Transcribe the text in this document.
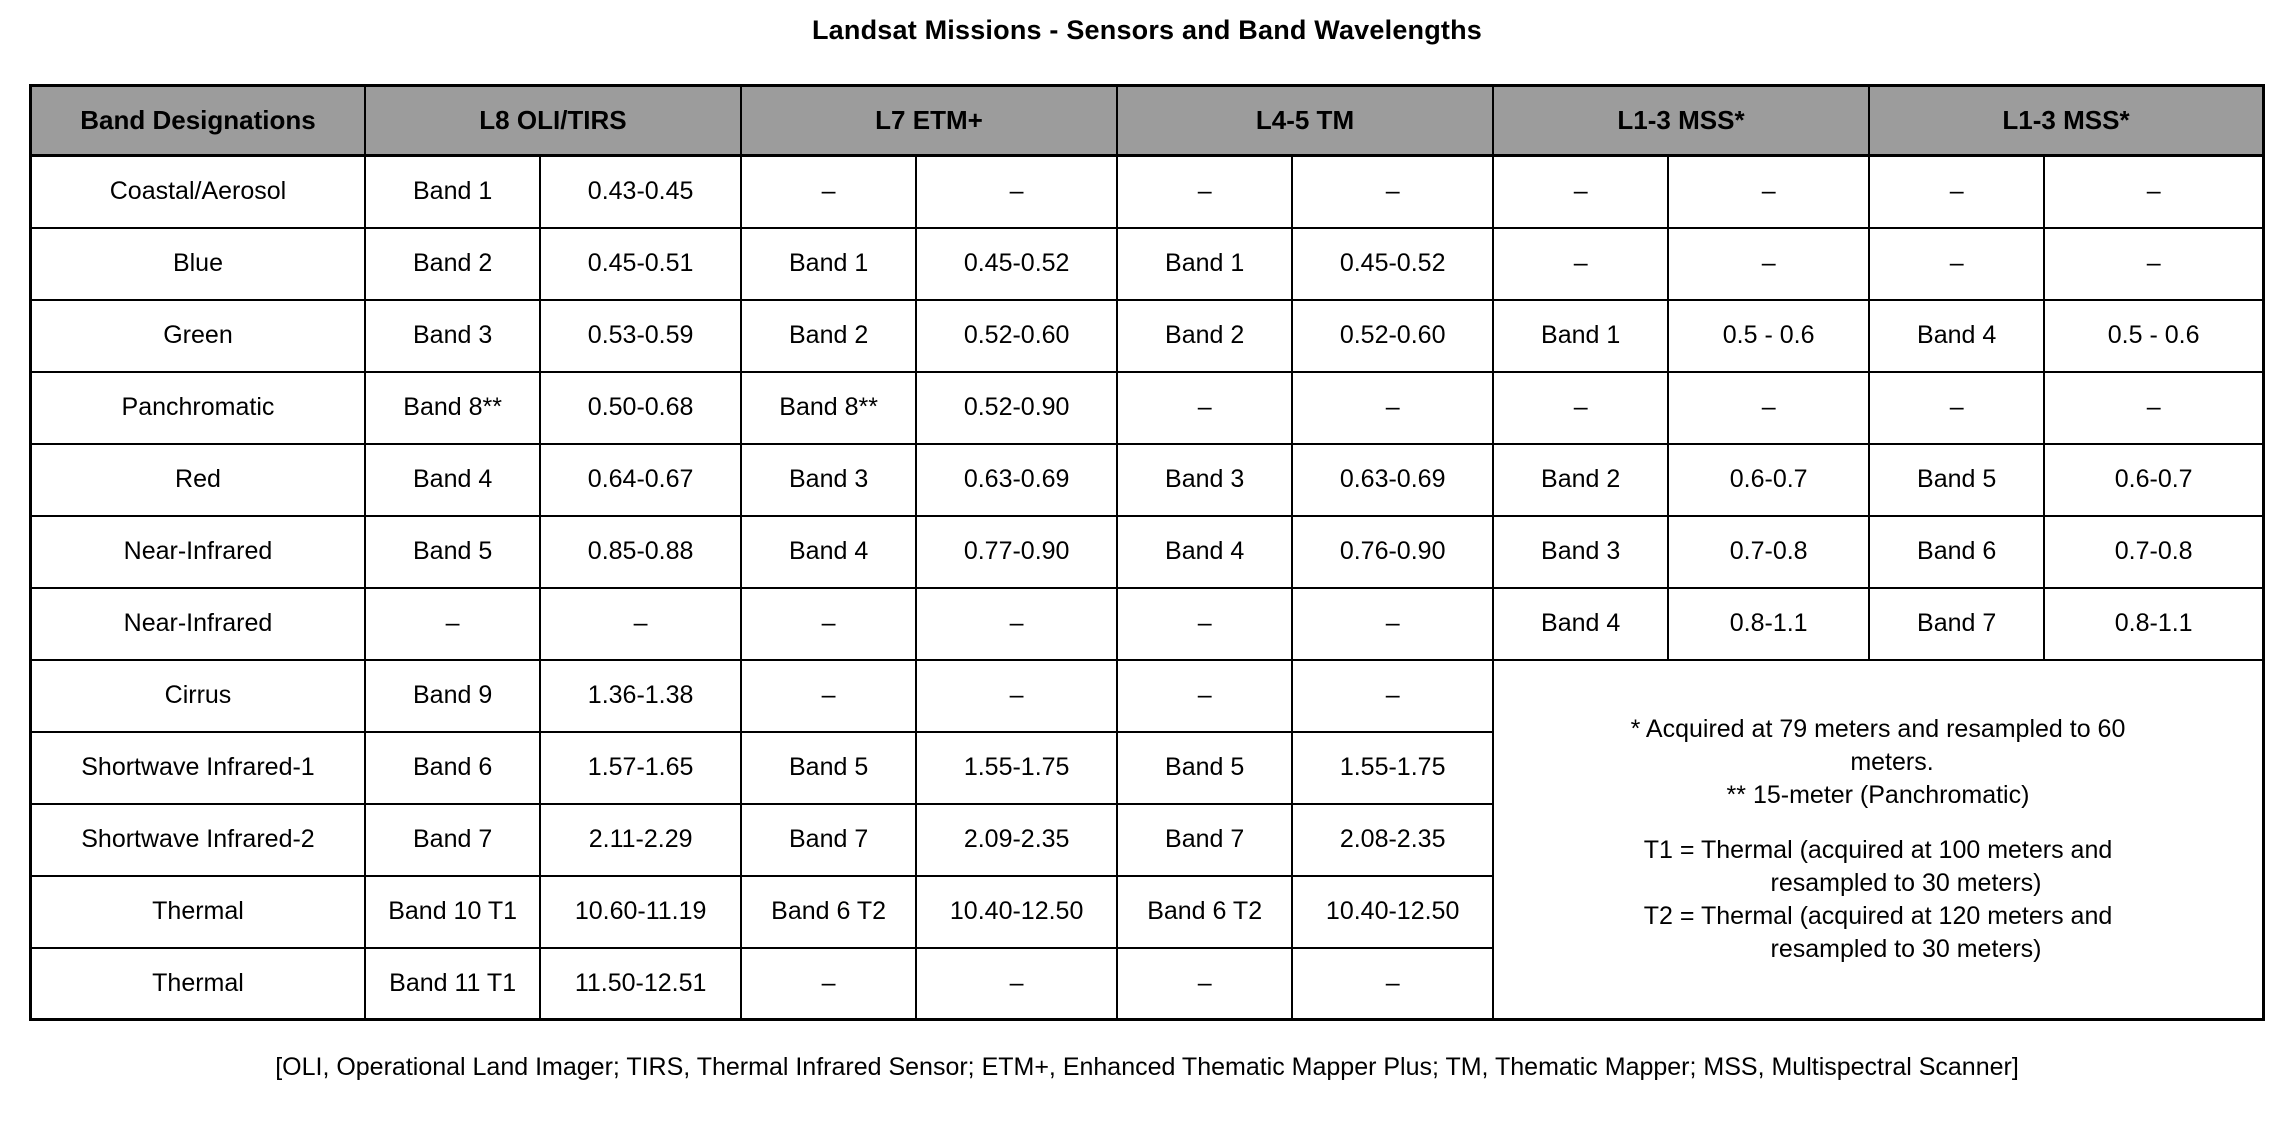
Landsat Missions - Sensors and Band Wavelengths
Band Designations	L8 OLI/TIRS		L7 ETM+		L4-5 TM		L1-3 MSS*		L1-3 MSS*	
Coastal/Aerosol	Band 1	0.43-0.45	–	–	–	–	–	–	–	–
Blue	Band 2	0.45-0.51	Band 1	0.45-0.52	Band 1	0.45-0.52	–	–	–	–
Green	Band 3	0.53-0.59	Band 2	0.52-0.60	Band 2	0.52-0.60	Band 1	0.5 - 0.6	Band 4	0.5 - 0.6
Panchromatic	Band 8**	0.50-0.68	Band 8**	0.52-0.90	–	–	–	–	–	–
Red	Band 4	0.64-0.67	Band 3	0.63-0.69	Band 3	0.63-0.69	Band 2	0.6-0.7	Band 5	0.6-0.7
Near-Infrared	Band 5	0.85-0.88	Band 4	0.77-0.90	Band 4	0.76-0.90	Band 3	0.7-0.8	Band 6	0.7-0.8
Near-Infrared	–	–	–	–	–	–	Band 4	0.8-1.1	Band 7	0.8-1.1
Cirrus	Band 9	1.36-1.38	–	–	–	–	
* Acquired at 79 meters and resampled to 60
meters.
** 15-meter (Panchromatic)
T1 = Thermal (acquired at 100 meters and
resampled to 30 meters)
T2 = Thermal (acquired at 120 meters and
resampled to 30 meters)

Shortwave Infrared-1	Band 6	1.57-1.65	Band 5	1.55-1.75	Band 5	1.55-1.75				
Shortwave Infrared-2	Band 7	2.11-2.29	Band 7	2.09-2.35	Band 7	2.08-2.35				
Thermal	Band 10 T1	10.60-11.19	Band 6 T2	10.40-12.50	Band 6 T2	10.40-12.50				
Thermal	Band 11 T1	11.50-12.51	–	–	–	–				
[OLI, Operational Land Imager; TIRS, Thermal Infrared Sensor; ETM+, Enhanced Thematic Mapper Plus; TM, Thematic Mapper; MSS, Multispectral Scanner]
